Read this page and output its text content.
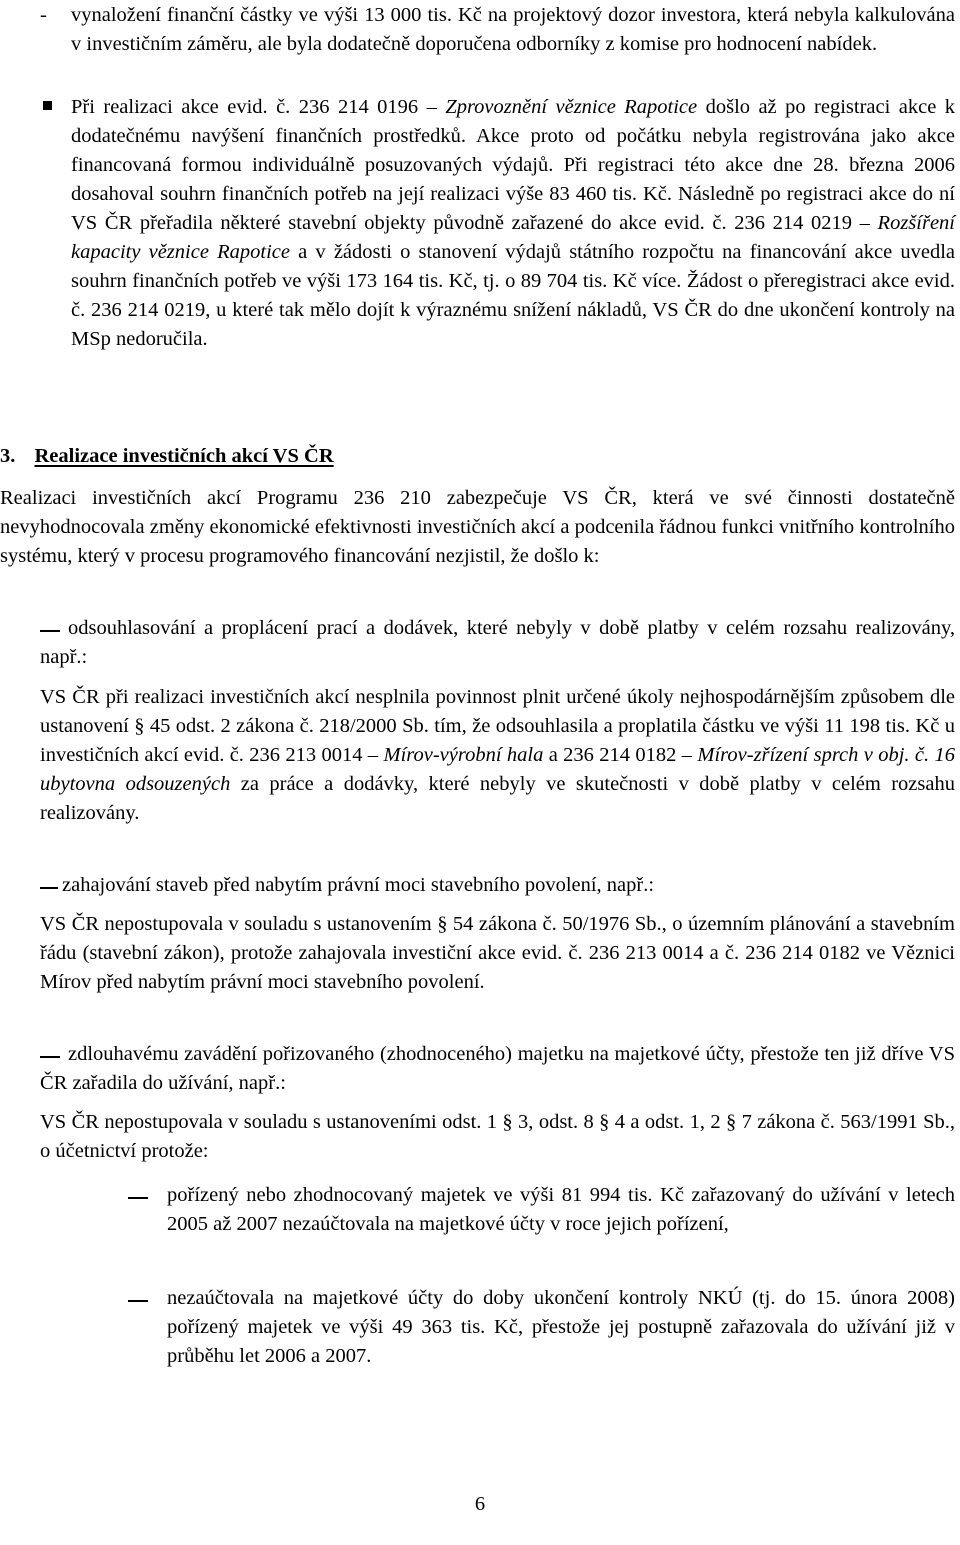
- vynaložení finanční částky ve výši 13 000 tis. Kč na projektový dozor investora, která nebyla kalkulována v investičním záměru, ale byla dodatečně doporučena odborníky z komise pro hodnocení nabídek.

Při realizaci akce evid. č. 236 214 0196 – Zprovoznění věznice Rapotice došlo až po registraci akce k dodatečnému navýšení finančních prostředků. Akce proto od počátku nebyla registrována jako akce financovaná formou individuálně posuzovaných výdajů. Při registraci této akce dne 28. března 2006 dosahoval souhrn finančních potřeb na její realizaci výše 83 460 tis. Kč. Následně po registraci akce do ní VS ČR přeřadila některé stavební objekty původně zařazené do akce evid. č. 236 214 0219 – Rozšíření kapacity věznice Rapotice a v žádosti o stanovení výdajů státního rozpočtu na financování akce uvedla souhrn finančních potřeb ve výši 173 164 tis. Kč, tj. o 89 704 tis. Kč více. Žádost o přeregistraci akce evid. č. 236 214 0219, u které tak mělo dojít k výraznému snížení nákladů, VS ČR do dne ukončení kontroly na MSp nedoručila.

3. Realizace investičních akcí VS ČR

Realizaci investičních akcí Programu 236 210 zabezpečuje VS ČR, která ve své činnosti dostatečně nevyhodnocovala změny ekonomické efektivnosti investičních akcí a podcenila řádnou funkci vnitřního kontrolního systému, který v procesu programového financování nezjistil, že došlo k:

odsouhlasování a proplácení prací a dodávek, které nebyly v době platby v celém rozsahu realizovány, např.:

VS ČR při realizaci investičních akcí nesplnila povinnost plnit určené úkoly nejhospodárnějším způsobem dle ustanovení § 45 odst. 2 zákona č. 218/2000 Sb. tím, že odsouhlasila a proplatila částku ve výši 11 198 tis. Kč u investičních akcí evid. č. 236 213 0014 – Mírov-výrobní hala a 236 214 0182 – Mírov-zřízení sprch v obj. č. 16 ubytovna odsouzených za práce a dodávky, které nebyly ve skutečnosti v době platby v celém rozsahu realizovány.

zahajování staveb před nabytím právní moci stavebního povolení, např.:

VS ČR nepostupovala v souladu s ustanovením § 54 zákona č. 50/1976 Sb., o územním plánování a stavebním řádu (stavební zákon), protože zahajovala investiční akce evid. č. 236 213 0014 a č. 236 214 0182 ve Věznici Mírov před nabytím právní moci stavebního povolení.

zdlouhavému zavádění pořizovaného (zhodnoceného) majetku na majetkové účty, přestože ten již dříve VS ČR zařadila do užívání, např.:

VS ČR nepostupovala v souladu s ustanoveními odst. 1 § 3, odst. 8 § 4 a odst. 1, 2 § 7 zákona č. 563/1991 Sb., o účetnictví protože:

pořízený nebo zhodnocovaný majetek ve výši 81 994 tis. Kč zařazovaný do užívání v letech 2005 až 2007 nezaúčtovala na majetkové účty v roce jejich pořízení,

nezaúčtovala na majetkové účty do doby ukončení kontroly NKÚ (tj. do 15. února 2008) pořízený majetek ve výši 49 363 tis. Kč, přestože jej postupně zařazovala do užívání již v průběhu let 2006 a 2007.

6
